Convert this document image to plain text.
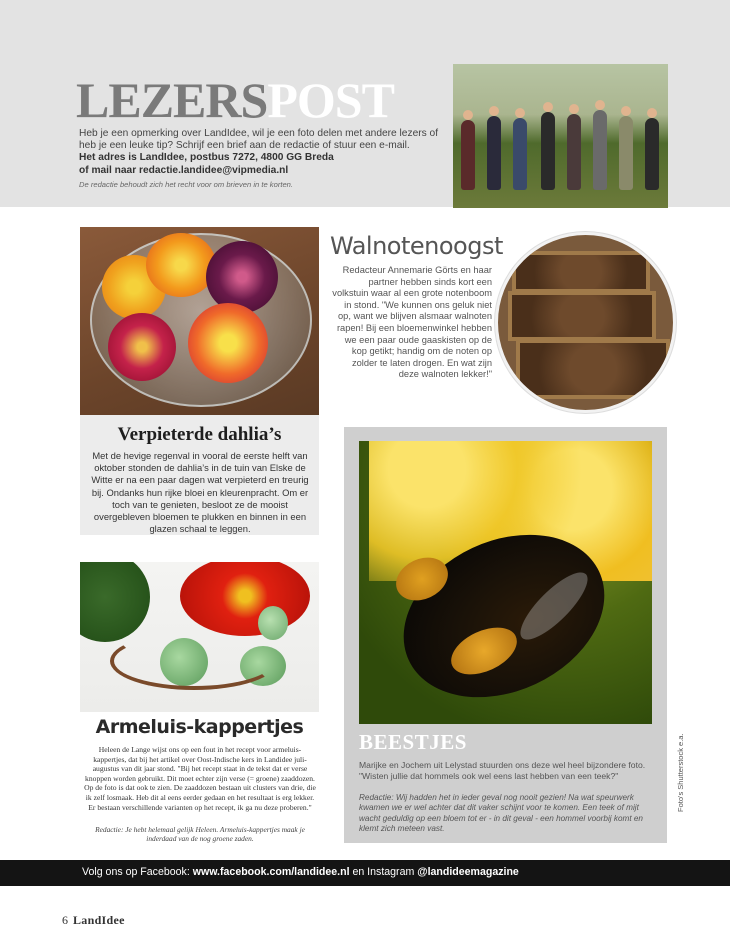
LEZERSPOST
Heb je een opmerking over LandIdee, wil je een foto delen met andere lezers of heb je een leuke tip? Schrijf een brief aan de redactie of stuur een e-mail.
Het adres is LandIdee, postbus 7272, 4800 GG Breda
of mail naar redactie.landidee@vipmedia.nl
De redactie behoudt zich het recht voor om brieven in te korten.
Verpieterde dahlia’s
Met de hevige regenval in vooral de eerste helft van oktober stonden de dahlia’s in de tuin van Elske de Witte er na een paar dagen wat verpieterd en treurig bij. Ondanks hun rijke bloei en kleurenpracht. Om er toch van te genieten, besloot ze de mooist overgebleven bloemen te plukken en binnen in een glazen schaal te leggen.
Walnotenoogst
Redacteur Annemarie Görts en haar partner hebben sinds kort een volkstuin waar al een grote notenboom in stond. "We kunnen ons geluk niet op, want we blijven alsmaar walnoten rapen! Bij een bloemenwinkel hebben we een paar oude gaaskisten op de kop getikt; handig om de noten op zolder te laten drogen. En wat zijn deze walnoten lekker!"
Armeluis-kappertjes
Heleen de Lange wijst ons op een fout in het recept voor armeluis-kappertjes, dat bij het artikel over Oost-Indische kers in Landidee juli-augustus van dit jaar stond. "Bij het recept staat in de tekst dat er verse knoppen worden gebruikt. Dit moet echter zijn verse (= groene) zaaddozen. Op de foto is dat ook te zien. De zaaddozen bestaan uit clusters van drie, die ik zelf losmaak. Heb dit al eens eerder gedaan en het resultaat is erg lekker. Er bestaan verschillende varianten op het recept, ik ga nu deze proberen."
Redactie: Je hebt helemaal gelijk Heleen. Armeluis-kappertjes maak je inderdaad van de nog groene zaden.
BEESTJES
Marijke en Jochem uit Lelystad stuurden ons deze wel heel bijzondere foto. "Wisten jullie dat hommels ook wel eens last hebben van een teek?"
Redactie: Wij hadden het in ieder geval nog nooit gezien! Na wat speurwerk kwamen we er wel achter dat dit vaker schijnt voor te komen. Een teek of mijt wacht geduldig op een bloem tot er - in dit geval - een hommel voorbij komt en klemt zich meteen vast.
Foto's Shutterstock e.a.
Volg ons op Facebook: www.facebook.com/landidee.nl en Instagram @landideemagazine
6 LandIdee
